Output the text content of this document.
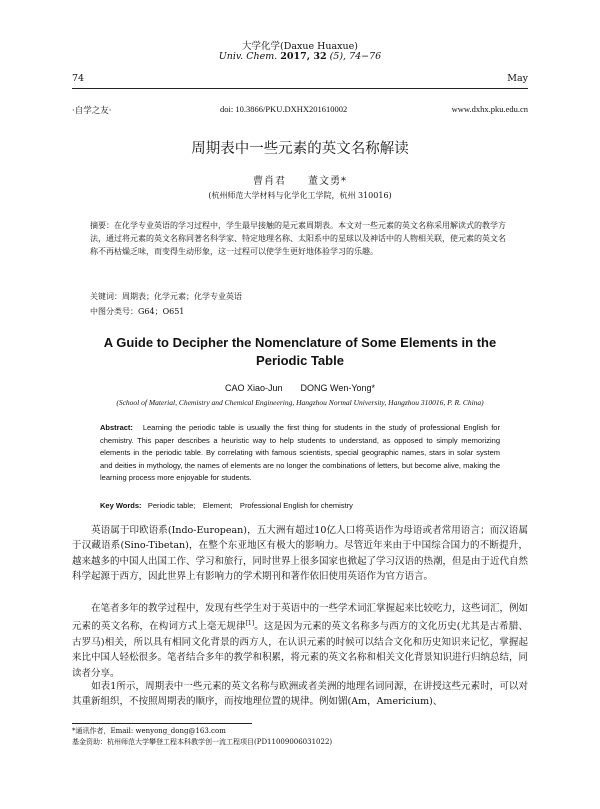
大学化学(Daxue Huaxue)
Univ. Chem. 2017, 32 (5), 74−76
74	May
·自学之友·	doi: 10.3866/PKU.DXHX201610002	www.dxhx.pku.edu.cn
周期表中一些元素的英文名称解读
曹肖君　　董文勇*
(杭州师范大学材料与化学化工学院，杭州 310016)
摘要：在化学专业英语的学习过程中，学生最早接触的是元素周期表。本文对一些元素的英文名称采用解读式的教学方法，通过将元素的英文名称同著名科学家、特定地理名称、太阳系中的星球以及神话中的人物相关联，使元素的英文名称不再枯燥乏味，而变得生动形象，这一过程可以使学生更好地体验学习的乐趣。
关键词：周期表；化学元素；化学专业英语
中图分类号：G64；O651
A Guide to Decipher the Nomenclature of Some Elements in the Periodic Table
CAO Xiao-Jun　　DONG Wen-Yong*
(School of Material, Chemistry and Chemical Engineering, Hangzhou Normal University, Hangzhou 310016, P. R. China)
Abstract: Learning the periodic table is usually the first thing for students in the study of professional English for chemistry. This paper describes a heuristic way to help students to understand, as opposed to simply memorizing elements in the periodic table. By correlating with famous scientists, special geographic names, stars in solar system and deities in mythology, the names of elements are no longer the combinations of letters, but become alive, making the learning process more enjoyable for students.
Key Words: Periodic table;　Element;　Professional English for chemistry
英语属于印欧语系(Indo-European)，五大洲有超过10亿人口将英语作为母语或者常用语言；而汉语属于汉藏语系(Sino-Tibetan)，在整个东亚地区有极大的影响力。尽管近年来由于中国综合国力的不断提升，越来越多的中国人出国工作、学习和旅行，同时世界上很多国家也掀起了学习汉语的热潮，但是由于近代自然科学起源于西方，因此世界上有影响力的学术期刊和著作依旧使用英语作为官方语言。
在笔者多年的教学过程中，发现有些学生对于英语中的一些学术词汇掌握起来比较吃力，这些词汇，例如元素的英文名称，在构词方式上毫无规律[1]。这是因为元素的英文名称多与西方的文化历史(尤其是古希腊、古罗马)相关，所以具有相同文化背景的西方人，在认识元素的时候可以结合文化和历史知识来记忆，掌握起来比中国人轻松很多。笔者结合多年的教学和积累，将元素的英文名称和相关文化背景知识进行归纳总结，同读者分享。
如表1所示，周期表中一些元素的英文名称与欧洲或者美洲的地理名词同源，在讲授这些元素时，可以对其重新组织，不按照周期表的顺序，而按地理位置的规律。例如镅(Am，Americium)、
*通讯作者，Email: wenyong_dong@163.com
基金资助：杭州师范大学攀登工程本科教学创一流工程项目(PD11009006031022)
